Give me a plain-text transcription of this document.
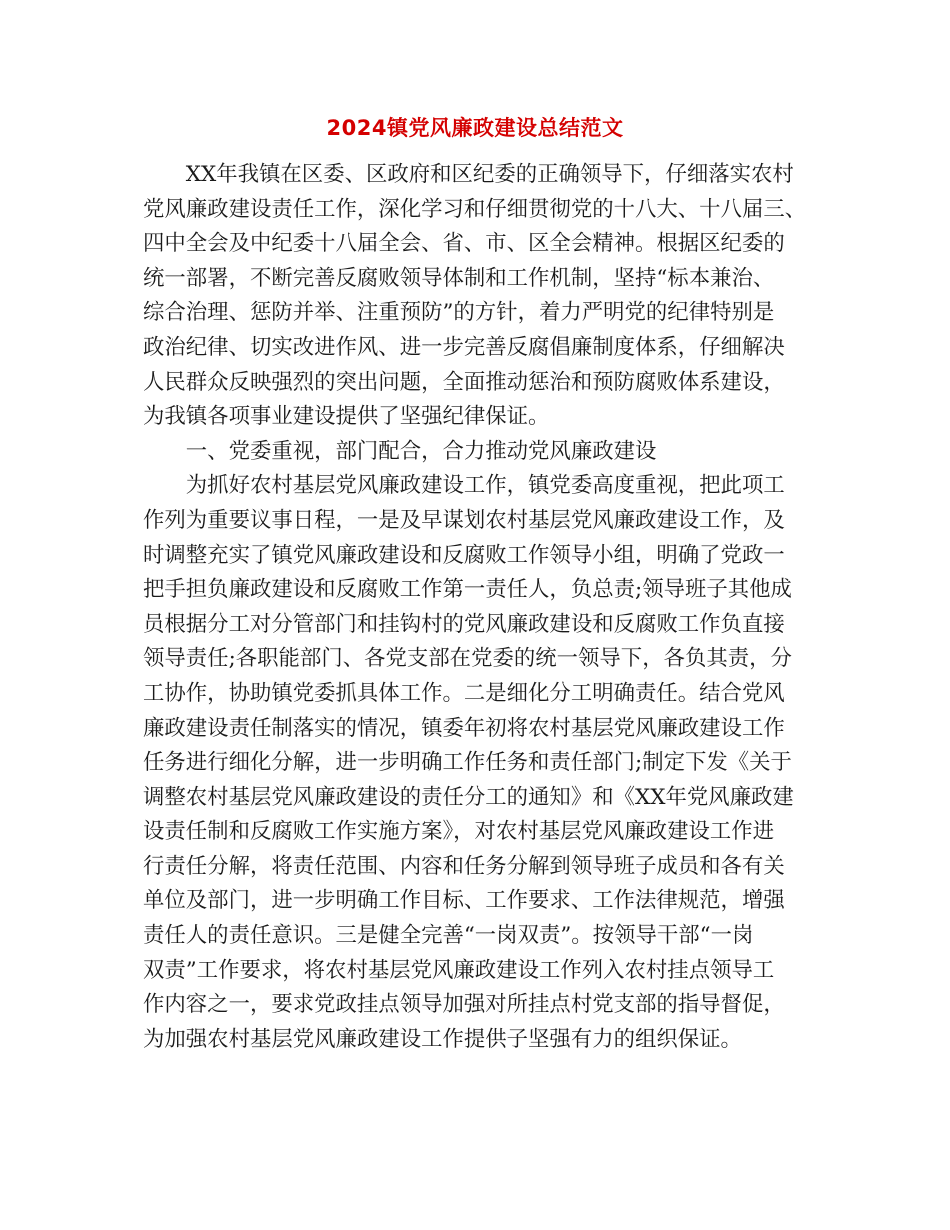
2024镇党风廉政建设总结范文
　　XX年我镇在区委、区政府和区纪委的正确领导下，仔细落实农村
党风廉政建设责任工作，深化学习和仔细贯彻党的十八大、十八届三、
四中全会及中纪委十八届全会、省、市、区全会精神。根据区纪委的
统一部署，不断完善反腐败领导体制和工作机制，坚持“标本兼治、
综合治理、惩防并举、注重预防”的方针，着力严明党的纪律特别是
政治纪律、切实改进作风、进一步完善反腐倡廉制度体系，仔细解决
人民群众反映强烈的突出问题，全面推动惩治和预防腐败体系建设，
为我镇各项事业建设提供了坚强纪律保证。
　　一、党委重视，部门配合，合力推动党风廉政建设
　　为抓好农村基层党风廉政建设工作，镇党委高度重视，把此项工
作列为重要议事日程，一是及早谋划农村基层党风廉政建设工作，及
时调整充实了镇党风廉政建设和反腐败工作领导小组，明确了党政一
把手担负廉政建设和反腐败工作第一责任人，负总责;领导班子其他成
员根据分工对分管部门和挂钩村的党风廉政建设和反腐败工作负直接
领导责任;各职能部门、各党支部在党委的统一领导下，各负其责，分
工协作，协助镇党委抓具体工作。二是细化分工明确责任。结合党风
廉政建设责任制落实的情况，镇委年初将农村基层党风廉政建设工作
任务进行细化分解，进一步明确工作任务和责任部门;制定下发《关于
调整农村基层党风廉政建设的责任分工的通知》和《XX年党风廉政建
设责任制和反腐败工作实施方案》，对农村基层党风廉政建设工作进
行责任分解，将责任范围、内容和任务分解到领导班子成员和各有关
单位及部门，进一步明确工作目标、工作要求、工作法律规范，增强
责任人的责任意识。三是健全完善“一岗双责”。按领导干部“一岗
双责”工作要求，将农村基层党风廉政建设工作列入农村挂点领导工
作内容之一，要求党政挂点领导加强对所挂点村党支部的指导督促，
为加强农村基层党风廉政建设工作提供子坚强有力的组织保证。
